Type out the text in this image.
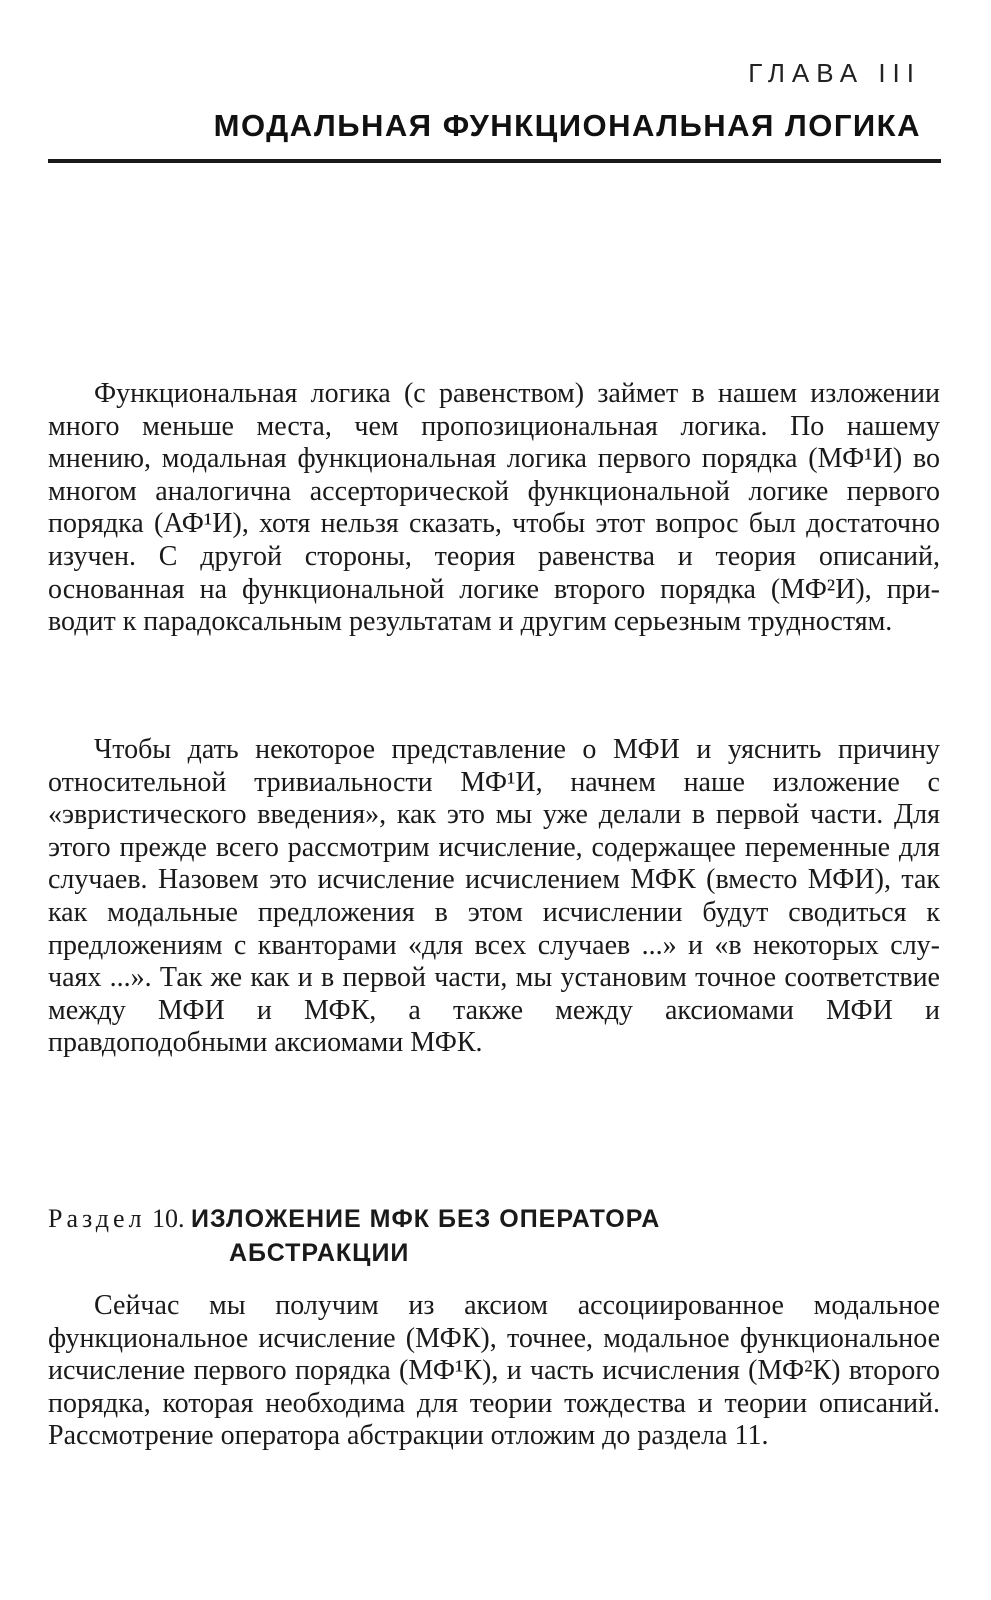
ГЛАВА III
МОДАЛЬНАЯ ФУНКЦИОНАЛЬНАЯ ЛОГИКА

Функциональная логика (с равенством) займет в нашем изложении много меньше места, чем пропозициональная логика. По нашему мнению, модальная функциональная логика первого порядка (МФ¹И) во многом аналогична ассерторической функциональной логике первого порядка (АФ¹И), хотя нельзя сказать, чтобы этот вопрос был достаточно изучен. С другой стороны, теория равенства и теория описаний, основанная на функциональной логике второго порядка (МФ²И), приводит к парадоксальным результатам и другим серьезным трудностям.

Чтобы дать некоторое представление о МФИ и уяснить причину относительной тривиальности МФ¹И, начнем наше изложение с «эвристического введения», как это мы уже делали в первой части. Для этого прежде всего рассмотрим исчисление, содержащее переменные для случаев. Назовем это исчисление исчислением МФК (вместо МФИ), так как модальные предложения в этом исчислении будут сводиться к предложениям с кванторами «для всех случаев ...» и «в некоторых случаях ...». Так же как и в первой части, мы установим точное соответствие между МФИ и МФК, а также между аксиомами МФИ и правдоподобными аксиомами МФК.

Раздел 10. ИЗЛОЖЕНИЕ МФК БЕЗ ОПЕРАТОРА
АБСТРАКЦИИ

Сейчас мы получим из аксиом ассоциированное модальное функциональное исчисление (МФК), точнее, модальное функциональное исчисление первого порядка (МФ¹К), и часть исчисления (МФ²К) второго порядка, которая необходима для теории тождества и теории описаний. Рассмотрение оператора абстракции отложим до раздела 11.
